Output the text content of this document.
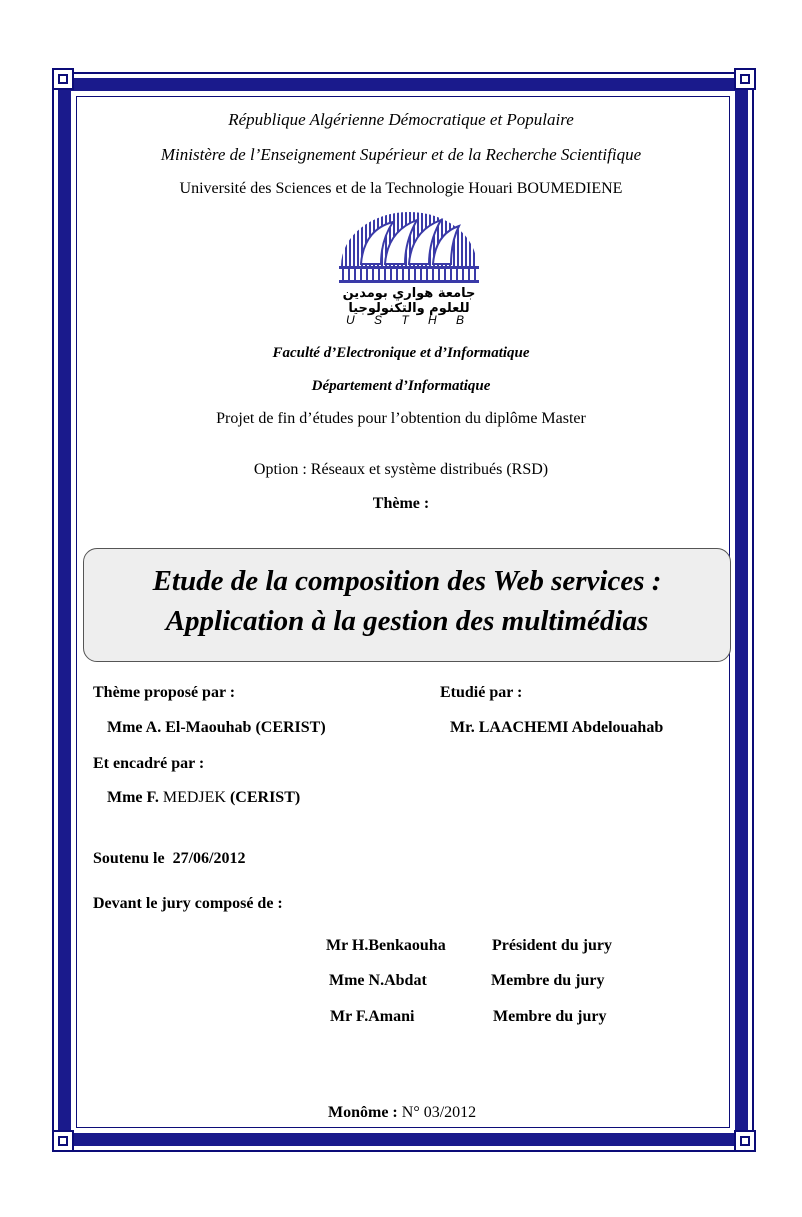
République Algérienne Démocratique et Populaire
Ministère de l’Enseignement Supérieur et de la Recherche Scientifique
Université des Sciences et de la Technologie Houari BOUMEDIENE
جامعة هواري بومدين
للعلوم والتكنولوجيا
U S T H B
Faculté d’Electronique et d’Informatique
Département d’Informatique
Projet de fin d’études pour l’obtention du diplôme Master
Option : Réseaux et système distribués (RSD)
Thème :
Etude de la composition des Web services :
Application à la gestion des multimédias
Thème proposé par :	Etudié par :
Mme A. El-Maouhab (CERIST)	Mr. LAACHEMI Abdelouahab
Et encadré par :
Mme F. MEDJEK (CERIST)
Soutenu le 27/06/2012
Devant le jury composé de :
Mr H.Benkaouha	Président du jury
Mme N.Abdat	Membre du jury
Mr F.Amani	Membre du jury
Monôme : N° 03/2012
